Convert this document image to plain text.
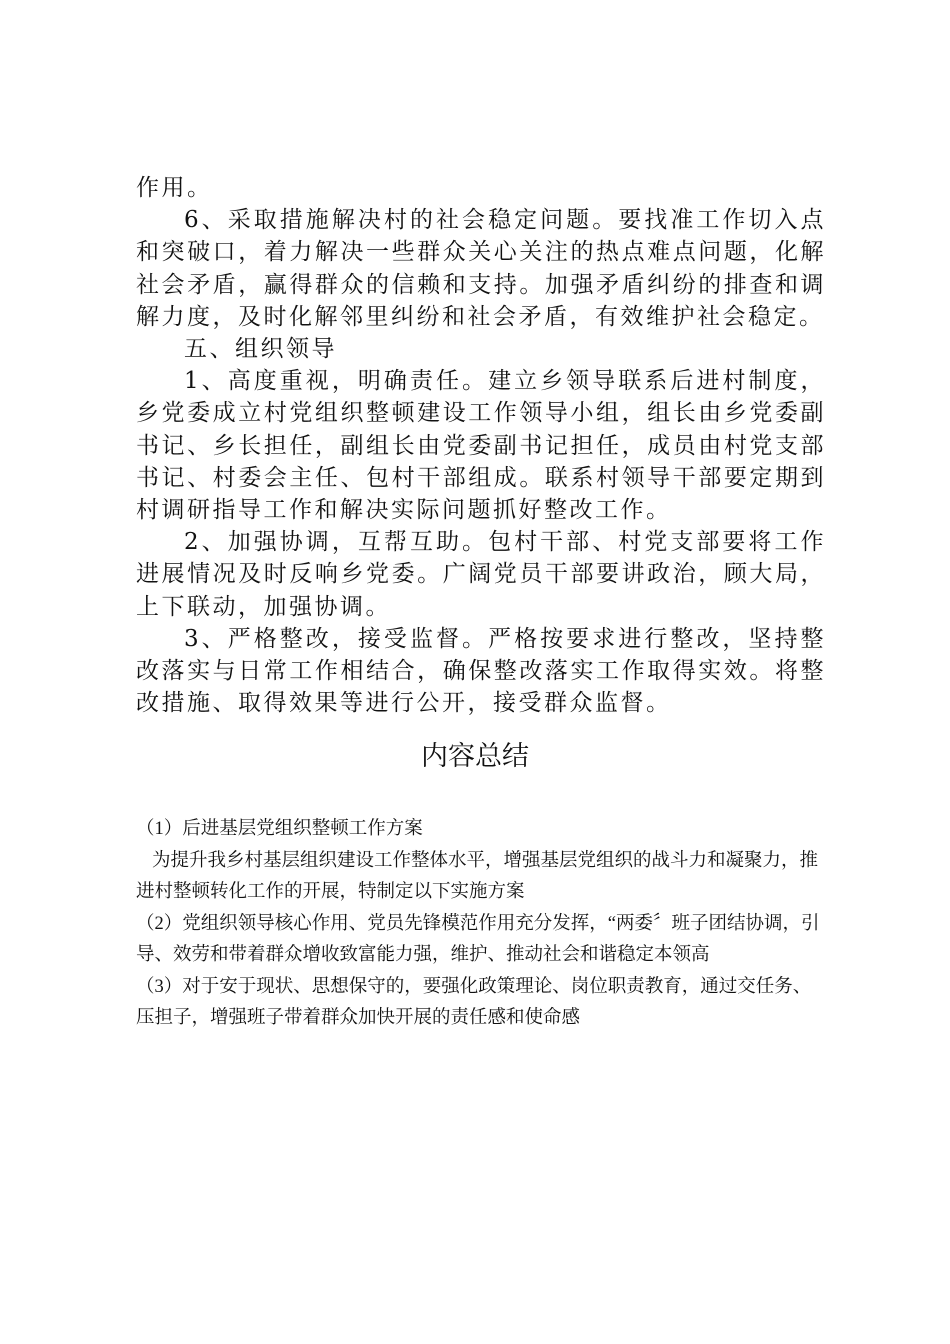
作用。

6、采取措施解决村的社会稳定问题。要找准工作切入点和突破口，着力解决一些群众关心关注的热点难点问题，化解社会矛盾，赢得群众的信赖和支持。加强矛盾纠纷的排查和调解力度，及时化解邻里纠纷和社会矛盾，有效维护社会稳定。

五、组织领导

1、高度重视，明确责任。建立乡领导联系后进村制度，乡党委成立村党组织整顿建设工作领导小组，组长由乡党委副书记、乡长担任，副组长由党委副书记担任，成员由村党支部书记、村委会主任、包村干部组成。联系村领导干部要定期到村调研指导工作和解决实际问题抓好整改工作。

2、加强协调，互帮互助。包村干部、村党支部要将工作进展情况及时反响乡党委。广阔党员干部要讲政治，顾大局，上下联动，加强协调。

3、严格整改，接受监督。严格按要求进行整改，坚持整改落实与日常工作相结合，确保整改落实工作取得实效。将整改措施、取得效果等进行公开，接受群众监督。

内容总结

（1）后进基层党组织整顿工作方案

为提升我乡村基层组织建设工作整体水平，增强基层党组织的战斗力和凝聚力，推进村整顿转化工作的开展，特制定以下实施方案

（2）党组织领导核心作用、党员先锋模范作用充分发挥，“两委〞班子团结协调，引导、效劳和带着群众增收致富能力强，维护、推动社会和谐稳定本领高

（3）对于安于现状、思想保守的，要强化政策理论、岗位职责教育，通过交任务、压担子，增强班子带着群众加快开展的责任感和使命感
